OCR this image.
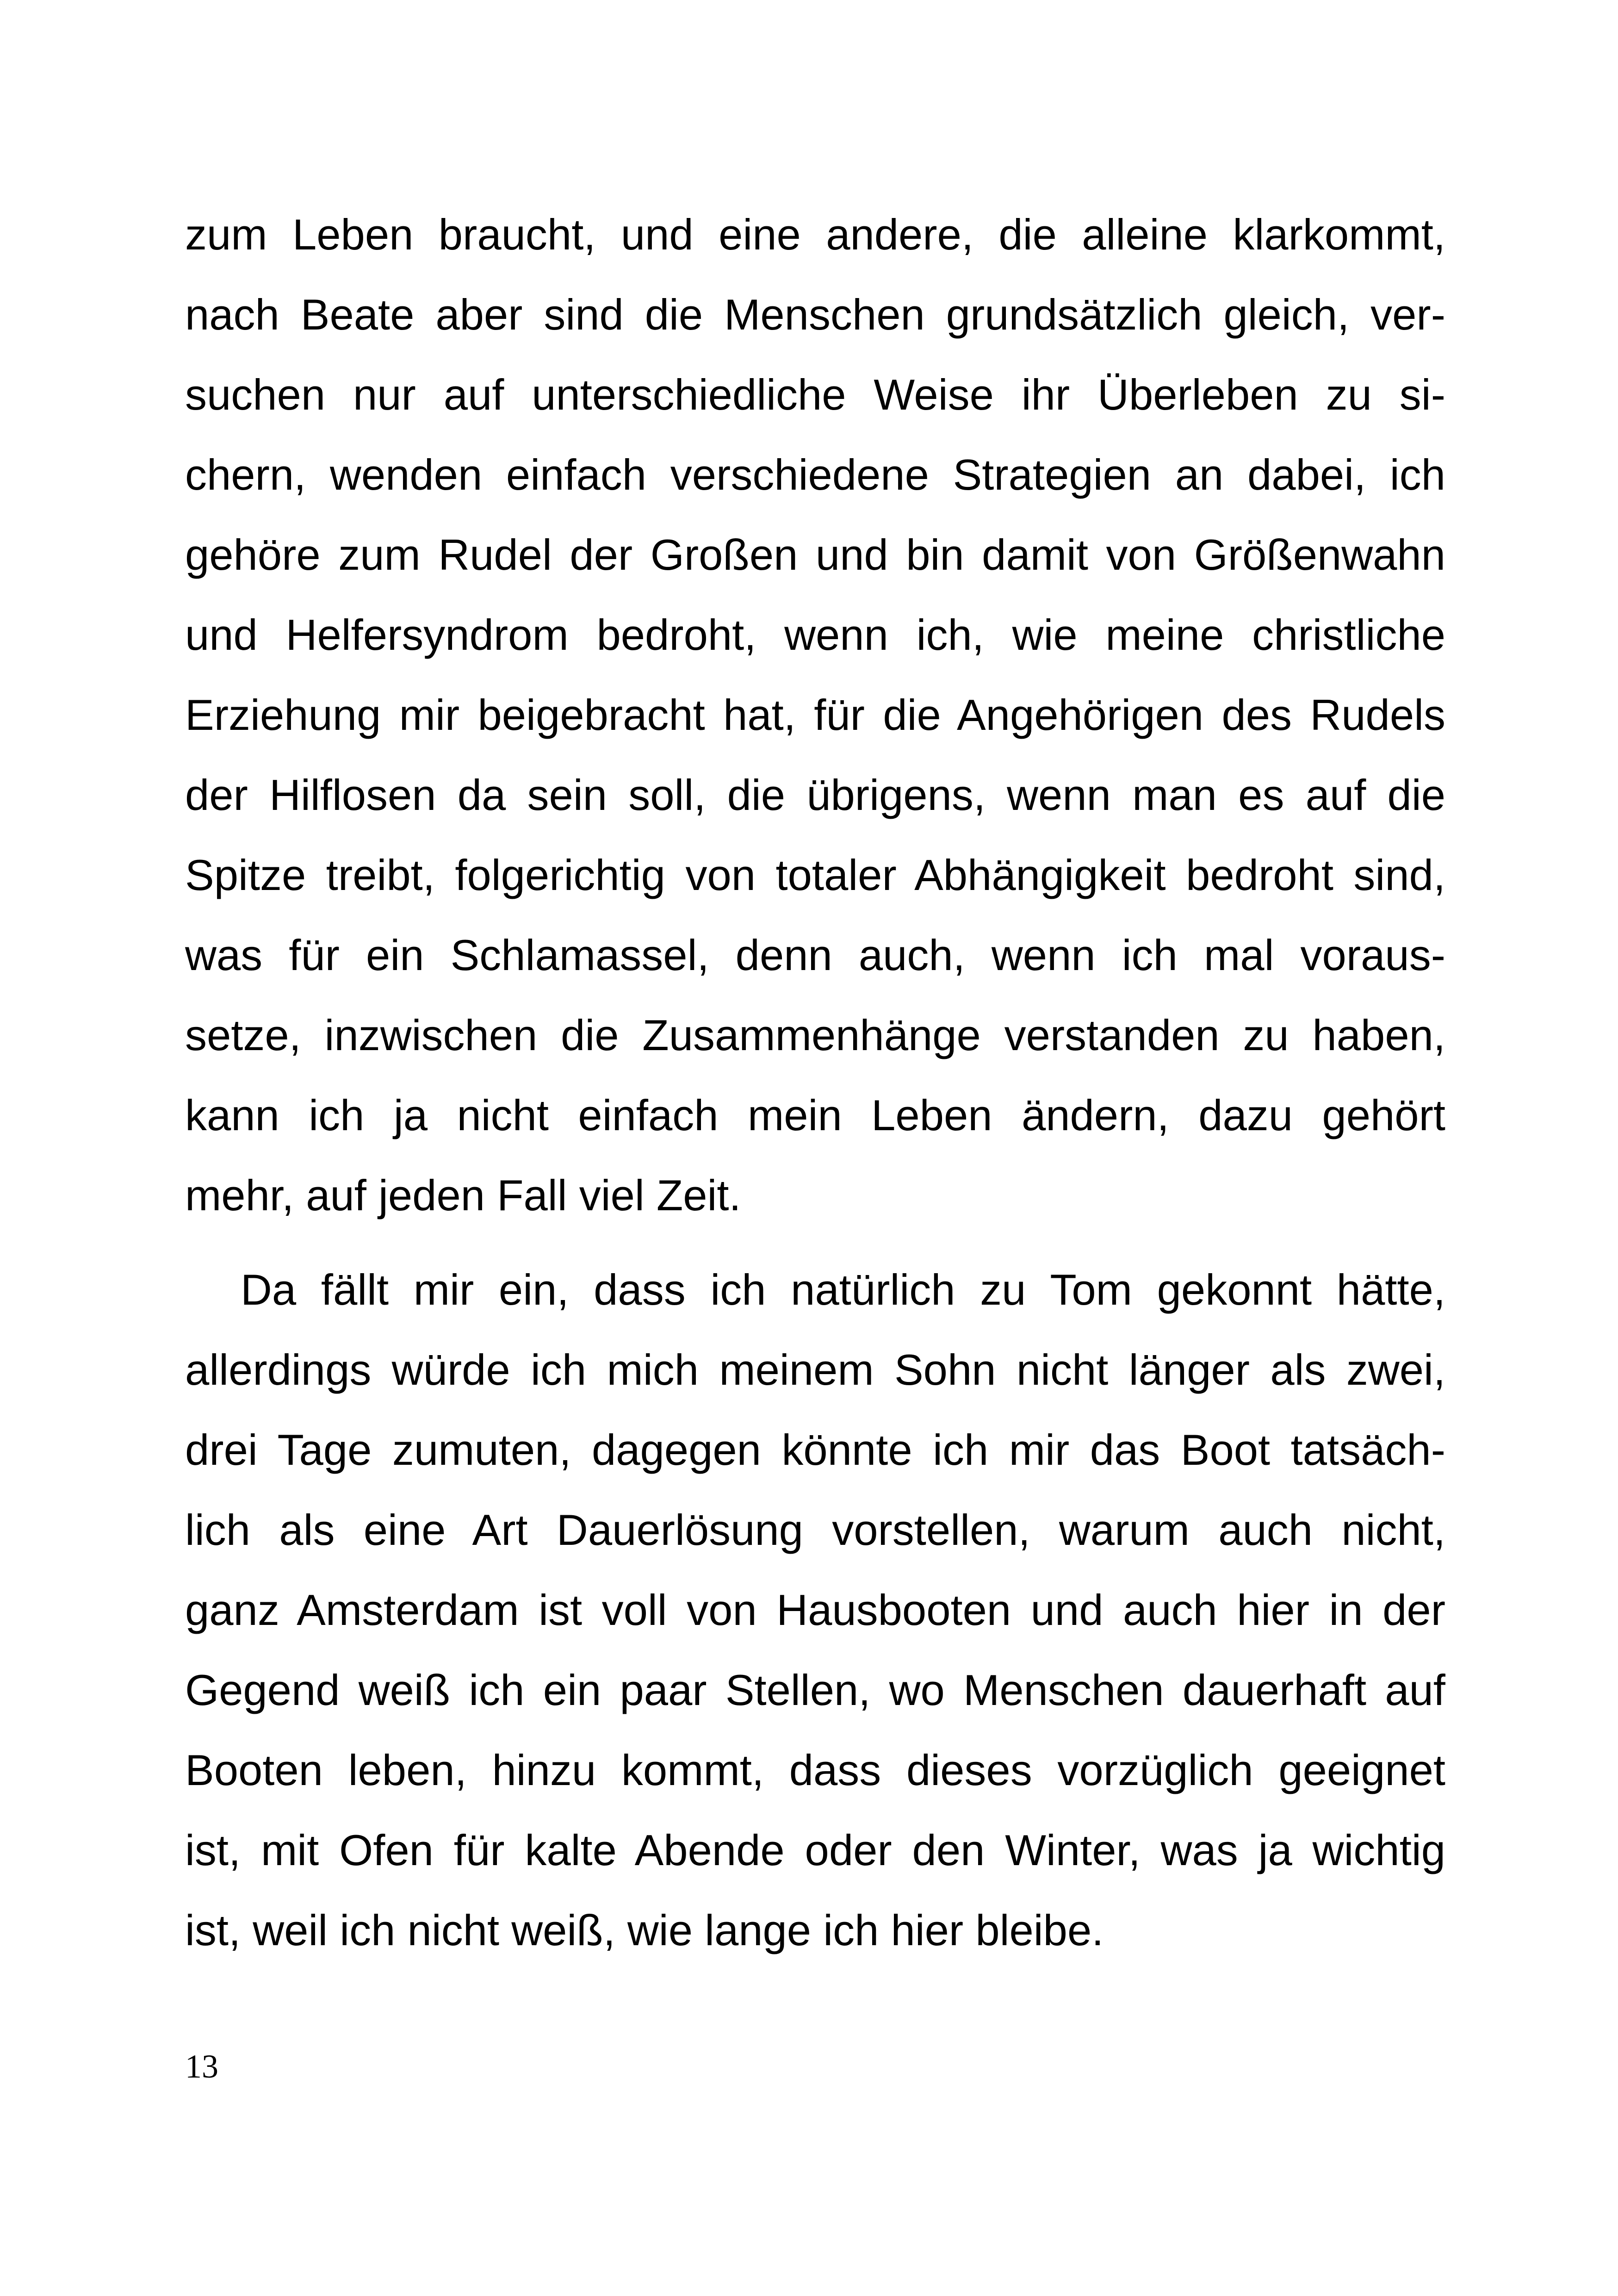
zum Leben braucht, und eine andere, die alleine klarkommt,
nach Beate aber sind die Menschen grundsätzlich gleich, ver-
suchen nur auf unterschiedliche Weise ihr Überleben zu si-
chern, wenden einfach verschiedene Strategien an dabei, ich
gehöre zum Rudel der Großen und bin damit von Größenwahn
und Helfersyndrom bedroht, wenn ich, wie meine christliche
Erziehung mir beigebracht hat, für die Angehörigen des Rudels
der Hilflosen da sein soll, die übrigens, wenn man es auf die
Spitze treibt, folgerichtig von totaler Abhängigkeit bedroht sind,
was für ein Schlamassel, denn auch, wenn ich mal voraus-
setze, inzwischen die Zusammenhänge verstanden zu haben,
kann ich ja nicht einfach mein Leben ändern, dazu gehört
mehr, auf jeden Fall viel Zeit.
Da fällt mir ein, dass ich natürlich zu Tom gekonnt hätte,
allerdings würde ich mich meinem Sohn nicht länger als zwei,
drei Tage zumuten, dagegen könnte ich mir das Boot tatsäch-
lich als eine Art Dauerlösung vorstellen, warum auch nicht,
ganz Amsterdam ist voll von Hausbooten und auch hier in der
Gegend weiß ich ein paar Stellen, wo Menschen dauerhaft auf
Booten leben, hinzu kommt, dass dieses vorzüglich geeignet
ist, mit Ofen für kalte Abende oder den Winter, was ja wichtig
ist, weil ich nicht weiß, wie lange ich hier bleibe.
13
